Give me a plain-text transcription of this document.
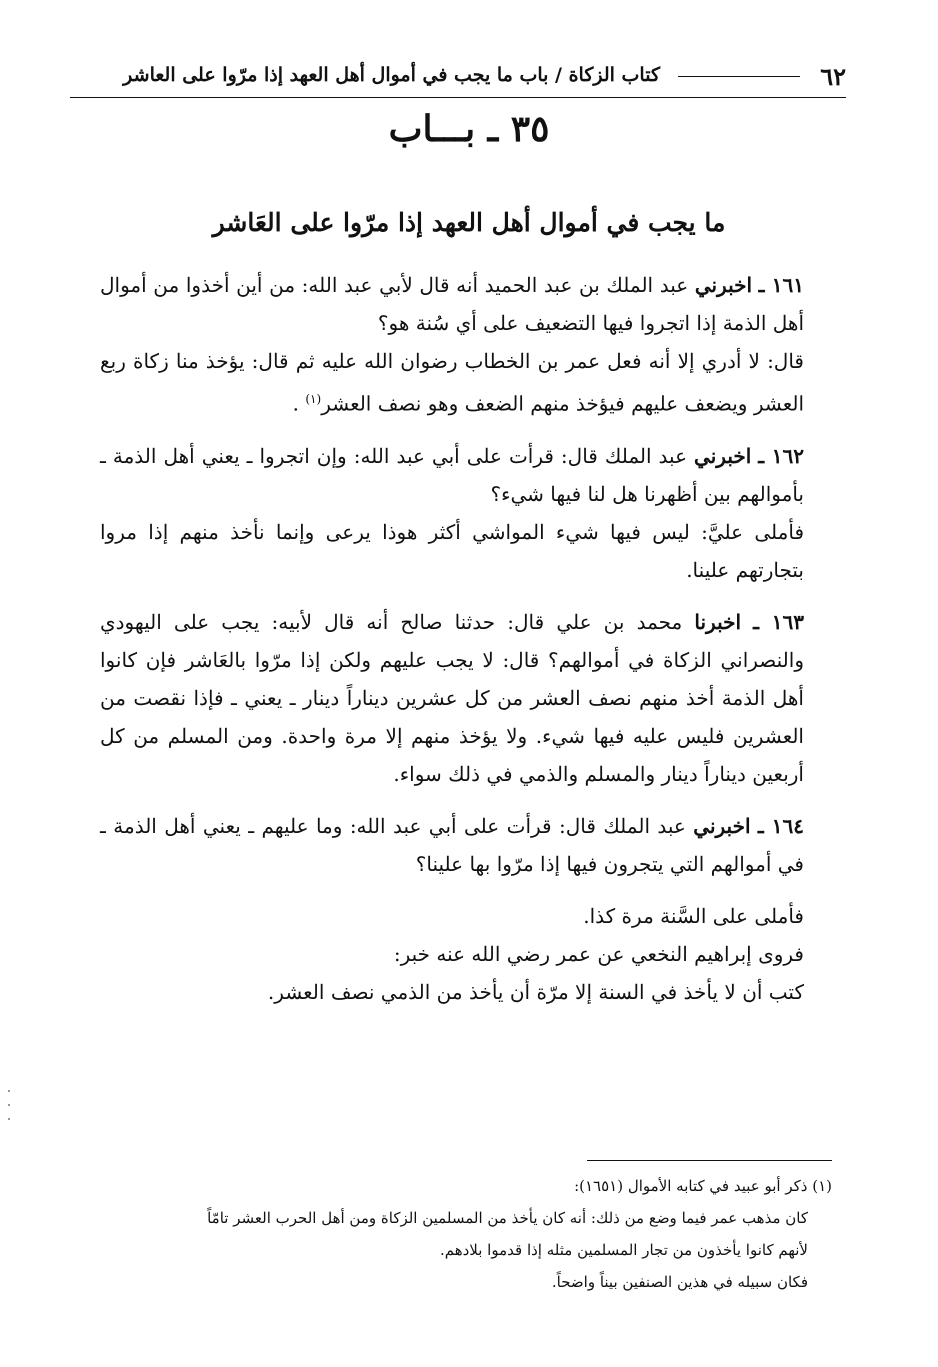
٦٢
كتاب الزكاة / باب ما يجب في أموال أهل العهد إذا مرّوا على العاشر
٣٥ ـ بـــاب
ما يجب في أموال أهل العهد إذا مرّوا على العَاشر

١٦١ ـ اخبرني عبد الملك بن عبد الحميد أنه قال لأبي عبد الله: من أين أخذوا من أموال أهل الذمة إذا اتجروا فيها التضعيف على أي سُنة هو؟

قال: لا أدري إلا أنه فعل عمر بن الخطاب رضوان الله عليه ثم قال: يؤخذ منا زكاة ربع العشر ويضعف عليهم فيؤخذ منهم الضعف وهو نصف العشر$^{(١)}$ .

١٦٢ ـ اخبرني عبد الملك قال: قرأت على أبي عبد الله: وإن اتجروا ـ يعني أهل الذمة ـ بأموالهم بين أظهرنا هل لنا فيها شيء؟

فأملى عليَّ: ليس فيها شيء المواشي أكثر هوذا يرعى وإنما نأخذ منهم إذا مروا بتجارتهم علينا.

١٦٣ ـ اخبرنا محمد بن علي قال: حدثنا صالح أنه قال لأبيه: يجب على اليهودي والنصراني الزكاة في أموالهم؟ قال: لا يجب عليهم ولكن إذا مرّوا بالعَاشر فإن كانوا أهل الذمة أخذ منهم نصف العشر من كل عشرين ديناراً دينار ـ يعني ـ فإذا نقصت من العشرين فليس عليه فيها شيء. ولا يؤخذ منهم إلا مرة واحدة. ومن المسلم من كل أربعين ديناراً دينار والمسلم والذمي في ذلك سواء.

١٦٤ ـ اخبرني عبد الملك قال: قرأت على أبي عبد الله: وما عليهم ـ يعني أهل الذمة ـ في أموالهم التي يتجرون فيها إذا مرّوا بها علينا؟

فأملى على السَّنة مرة كذا.

فروى إبراهيم النخعي عن عمر رضي الله عنه خبر:

كتب أن لا يأخذ في السنة إلا مرّة أن يأخذ من الذمي نصف العشر.

(١) ذكر أبو عبيد في كتابه الأموال (١٦٥١):

كان مذهب عمر فيما وضع من ذلك: أنه كان يأخذ من المسلمين الزكاة ومن أهل الحرب العشر تامّاً

لأنهم كانوا يأخذون من تجار المسلمين مثله إذا قدموا بلادهم.

فكان سبيله في هذين الصنفين بيناً واضحاً.
